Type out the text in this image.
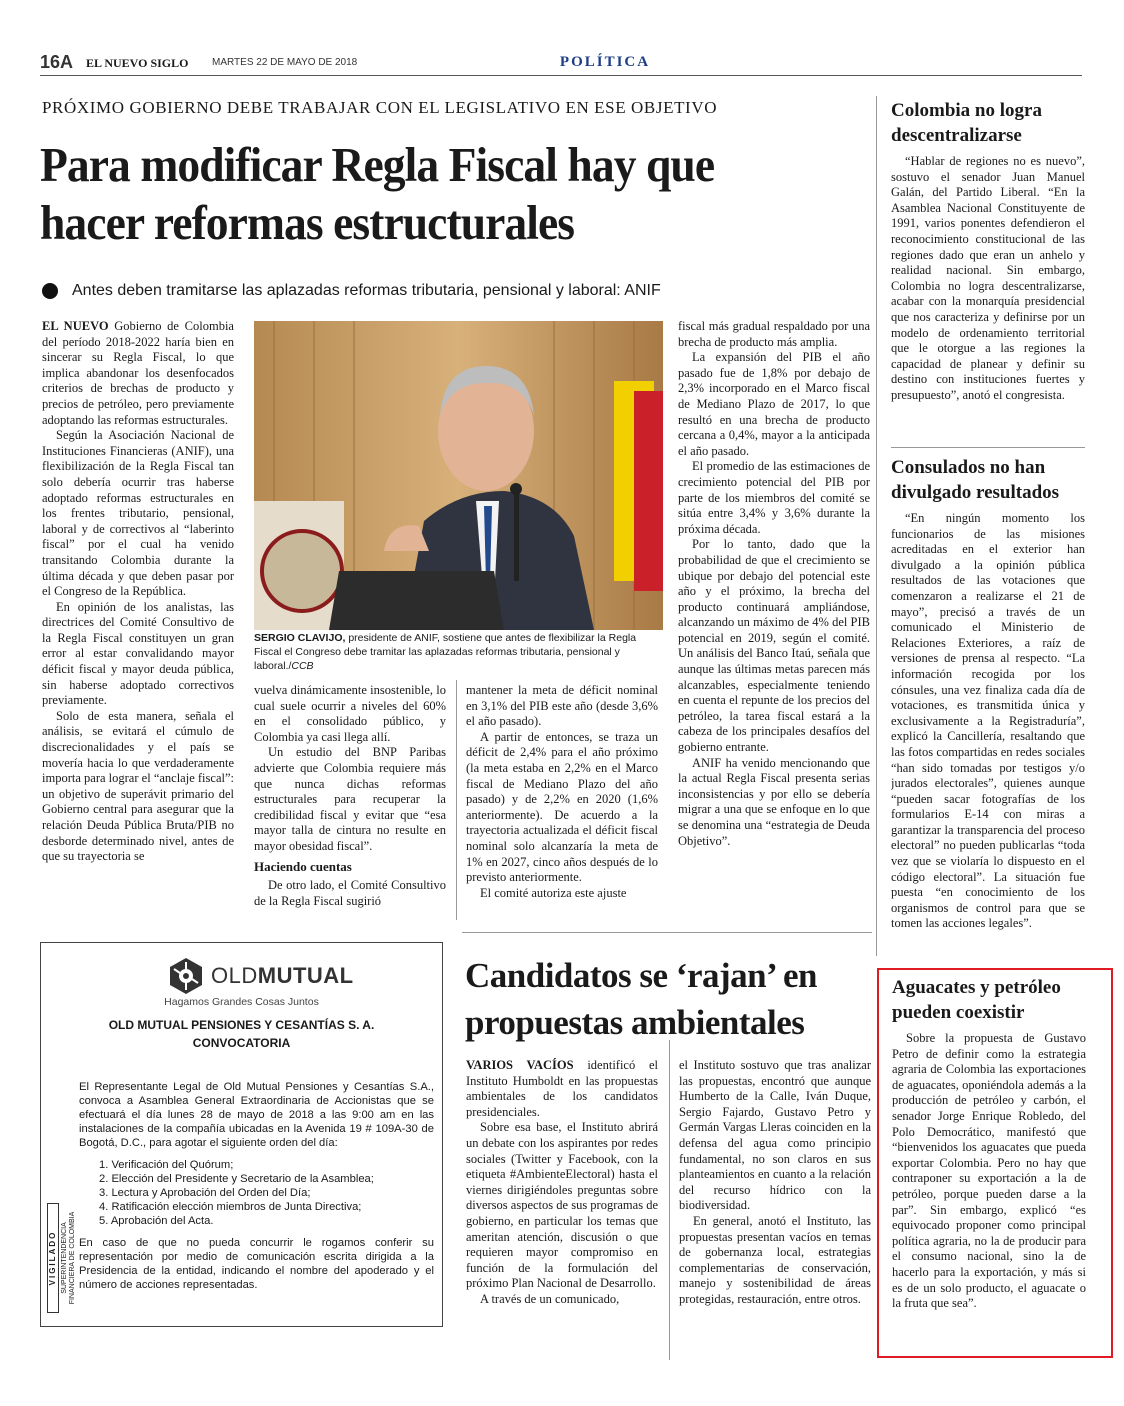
16A EL NUEVO SIGLO MARTES 22 DE MAYO DE 2018	POLÍTICA
PRÓXIMO GOBIERNO DEBE TRABAJAR CON EL LEGISLATIVO EN ESE OBJETIVO
Para modificar Regla Fiscal hay que hacer reformas estructurales
Antes deben tramitarse las aplazadas reformas tributaria, pensional y laboral: ANIF

EL NUEVO Gobierno de Colombia del período 2018-2022 haría bien en sincerar su Regla Fiscal, lo que implica abandonar los desenfocados criterios de brechas de producto y precios de petróleo, pero previamente adoptando las reformas estructurales.

Según la Asociación Nacional de Instituciones Financieras (ANIF), una flexibilización de la Regla Fiscal tan solo debería ocurrir tras haberse adoptado reformas estructurales en los frentes tributario, pensional, laboral y de correctivos al “laberinto fiscal” por el cual ha venido transitando Colombia durante la última década y que deben pasar por el Congreso de la República.

En opinión de los analistas, las directrices del Comité Consultivo de la Regla Fiscal constituyen un gran error al estar convalidando mayor déficit fiscal y mayor deuda pública, sin haberse adoptado correctivos previamente.

Solo de esta manera, señala el análisis, se evitará el cúmulo de discrecionalidades y el país se movería hacia lo que verdaderamente importa para lograr el “anclaje fiscal”: un objetivo de superávit primario del Gobierno central para asegurar que la relación Deuda Pública Bruta/PIB no desborde determinado nivel, antes de que su trayectoria se

SERGIO CLAVIJO, presidente de ANIF, sostiene que antes de flexibilizar la Regla Fiscal el Congreso debe tramitar las aplazadas reformas tributaria, pensional y laboral./CCB

vuelva dinámicamente insostenible, lo cual suele ocurrir a niveles del 60% en el consolidado público, y Colombia ya casi llega allí.

Un estudio del BNP Paribas advierte que Colombia requiere más que nunca dichas reformas estructurales para recuperar la credibilidad fiscal y evitar que “esa mayor talla de cintura no resulte en mayor obesidad fiscal”.

Haciendo cuentas

De otro lado, el Comité Consultivo de la Regla Fiscal sugirió

mantener la meta de déficit nominal en 3,1% del PIB este año (desde 3,6% el año pasado).

A partir de entonces, se traza un déficit de 2,4% para el año próximo (la meta estaba en 2,2% en el Marco fiscal de Mediano Plazo del año pasado) y de 2,2% en 2020 (1,6% anteriormente). De acuerdo a la trayectoria actualizada el déficit fiscal nominal solo alcanzaría la meta de 1% en 2027, cinco años después de lo previsto anteriormente.

El comité autoriza este ajuste

fiscal más gradual respaldado por una brecha de producto más amplia.

La expansión del PIB el año pasado fue de 1,8% por debajo de 2,3% incorporado en el Marco fiscal de Mediano Plazo de 2017, lo que resultó en una brecha de producto cercana a 0,4%, mayor a la anticipada el año pasado.

El promedio de las estimaciones de crecimiento potencial del PIB por parte de los miembros del comité se sitúa entre 3,4% y 3,6% durante la próxima década.

Por lo tanto, dado que la probabilidad de que el crecimiento se ubique por debajo del potencial este año y el próximo, la brecha del producto continuará ampliándose, alcanzando un máximo de 4% del PIB potencial en 2019, según el comité. Un análisis del Banco Itaú, señala que aunque las últimas metas parecen más alcanzables, especialmente teniendo en cuenta el repunte de los precios del petróleo, la tarea fiscal estará a la cabeza de los principales desafíos del gobierno entrante.

ANIF ha venido mencionando que la actual Regla Fiscal presenta serias inconsistencias y por ello se debería migrar a una que se enfoque en lo que se denomina una “estrategia de Deuda Objetivo”.

Colombia no logra descentralizarse

“Hablar de regiones no es nuevo”, sostuvo el senador Juan Manuel Galán, del Partido Liberal. “En la Asamblea Nacional Constituyente de 1991, varios ponentes defendieron el reconocimiento constitucional de las regiones dado que eran un anhelo y realidad nacional. Sin embargo, Colombia no logra descentralizarse, acabar con la monarquía presidencial que nos caracteriza y definirse por un modelo de ordenamiento territorial que le otorgue a las regiones la capacidad de planear y definir su destino con instituciones fuertes y presupuesto”, anotó el congresista.

Consulados no han divulgado resultados

“En ningún momento los funcionarios de las misiones acreditadas en el exterior han divulgado a la opinión pública resultados de las votaciones que comenzaron a realizarse el 21 de mayo”, precisó a través de un comunicado el Ministerio de Relaciones Exteriores, a raíz de versiones de prensa al respecto. “La información recogida por los cónsules, una vez finaliza cada día de votaciones, es transmitida única y exclusivamente a la Registraduría”, explicó la Cancillería, resaltando que las fotos compartidas en redes sociales “han sido tomadas por testigos y/o jurados electorales”, quienes aunque “pueden sacar fotografías de los formularios E-14 con miras a garantizar la transparencia del proceso electoral” no pueden publicarlas “toda vez que se violaría lo dispuesto en el código electoral”. La situación fue puesta “en conocimiento de los organismos de control para que se tomen las acciones legales”.

Aguacates y petróleo pueden coexistir

Sobre la propuesta de Gustavo Petro de definir como la estrategia agraria de Colombia las exportaciones de aguacates, oponiéndola además a la producción de petróleo y carbón, el senador Jorge Enrique Robledo, del Polo Democrático, manifestó que “bienvenidos los aguacates que pueda exportar Colombia. Pero no hay que contraponer su exportación a la de petróleo, porque pueden darse a la par”. Sin embargo, explicó “es equivocado proponer como principal política agraria, no la de producir para el consumo nacional, sino la de hacerlo para la exportación, y más si es de un solo producto, el aguacate o la fruta que sea”.

Candidatos se ‘rajan’ en propuestas ambientales

VARIOS VACÍOS identificó el Instituto Humboldt en las propuestas ambientales de los candidatos presidenciales.

Sobre esa base, el Instituto abrirá un debate con los aspirantes por redes sociales (Twitter y Facebook, con la etiqueta #AmbienteElectoral) hasta el viernes dirigiéndoles preguntas sobre diversos aspectos de sus programas de gobierno, en particular los temas que ameritan atención, discusión o que requieren mayor compromiso en función de la formulación del próximo Plan Nacional de Desarrollo.

A través de un comunicado,

el Instituto sostuvo que tras analizar las propuestas, encontró que aunque Humberto de la Calle, Iván Duque, Sergio Fajardo, Gustavo Petro y Germán Vargas Lleras coinciden en la defensa del agua como principio fundamental, no son claros en sus planteamientos en cuanto a la relación del recurso hídrico con la biodiversidad.

En general, anotó el Instituto, las propuestas presentan vacíos en temas de gobernanza local, estrategias complementarias de conservación, manejo y sostenibilidad de áreas protegidas, restauración, entre otros.

OLDMUTUAL
Hagamos Grandes Cosas Juntos
OLD MUTUAL PENSIONES Y CESANTÍAS S. A.
CONVOCATORIA
El Representante Legal de Old Mutual Pensiones y Cesantías S.A., convoca a Asamblea General Extraordinaria de Accionistas que se efectuará el día lunes 28 de mayo de 2018 a las 9:00 am en las instalaciones de la compañía ubicadas en la Avenida 19 # 109A-30 de Bogotá, D.C., para agotar el siguiente orden del día:
1. Verificación del Quórum;
2. Elección del Presidente y Secretario de la Asamblea;
3. Lectura y Aprobación del Orden del Día;
4. Ratificación elección miembros de Junta Directiva;
5. Aprobación del Acta.
En caso de que no pueda concurrir le rogamos conferir su representación por medio de comunicación escrita dirigida a la Presidencia de la entidad, indicando el nombre del apoderado y el número de acciones representadas.
VIGILADO SUPERINTENDENCIA FINANCIERA DE COLOMBIA
